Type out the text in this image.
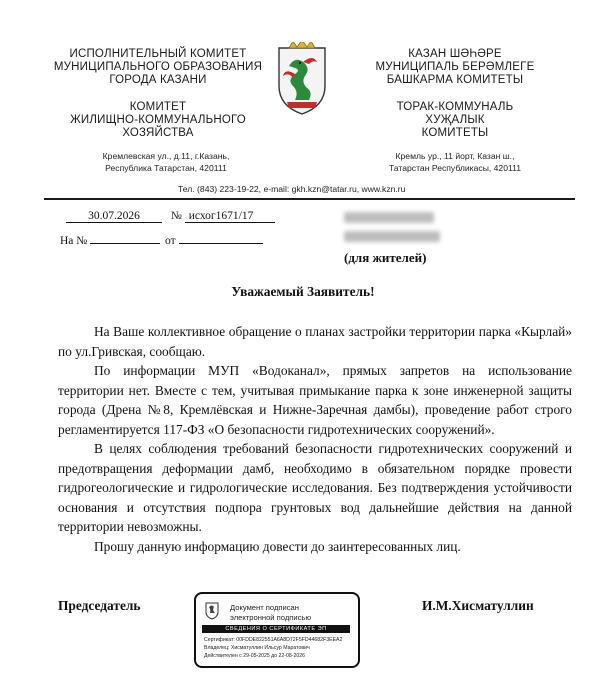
ИСПОЛНИТЕЛЬНЫЙ КОМИТЕТ
МУНИЦИПАЛЬНОГО ОБРАЗОВАНИЯ
ГОРОДА КАЗАНИ
КОМИТЕТ
ЖИЛИЩНО-КОММУНАЛЬНОГО
ХОЗЯЙСТВА
Кремлевская ул., д.11, г.Казань,
Республика Татарстан, 420111
КАЗАН ШӘҺӘРЕ
МУНИЦИПАЛЬ БЕРӘМЛЕГЕ
БАШКАРМА КОМИТЕТЫ
ТОРАК-КОММУНАЛЬ
ХУҖАЛЫК
КОМИТЕТЫ
Кремль ур., 11 йорт, Казан ш.,
Татарстан Республикасы, 420111
Тел. (843) 223-19-22, e-mail: gkh.kzn@tatar.ru, www.kzn.ru
30.07.2026	№ исхог1671/17
На №	от
(для жителей)
Уважаемый Заявитель!

На Ваше коллективное обращение о планах застройки территории парка «Кырлай» по ул.Гривская, сообщаю.

По информации МУП «Водоканал», прямых запретов на использование территории нет. Вместе с тем, учитывая примыкание парка к зоне инженерной защиты города (Дрена №8, Кремлёвская и Нижне-Заречная дамбы), проведение работ строго регламентируется 117-ФЗ «О безопасности гидротехнических сооружений».

В целях соблюдения требований безопасности гидротехнических сооружений и предотвращения деформации дамб, необходимо в обязательном порядке провести гидрогеологические и гидрологические исследования. Без подтверждения устойчивости основания и отсутствия подпора грунтовых вод дальнейшие действия на данной территории невозможны.

Прошу данную информацию довести до заинтересованных лиц.

Председатель	И.М.Хисматуллин
Документ подписан
электронной подписью
СВЕДЕНИЯ О СЕРТИФИКАТЕ ЭП
Сертификат: 00FDDE822551A6A8D72F5FD44682F3EEA2
Владелец: Хисматуллин Ильсур Маратович
Действителен с 29-05-2025 до 22-08-2026
